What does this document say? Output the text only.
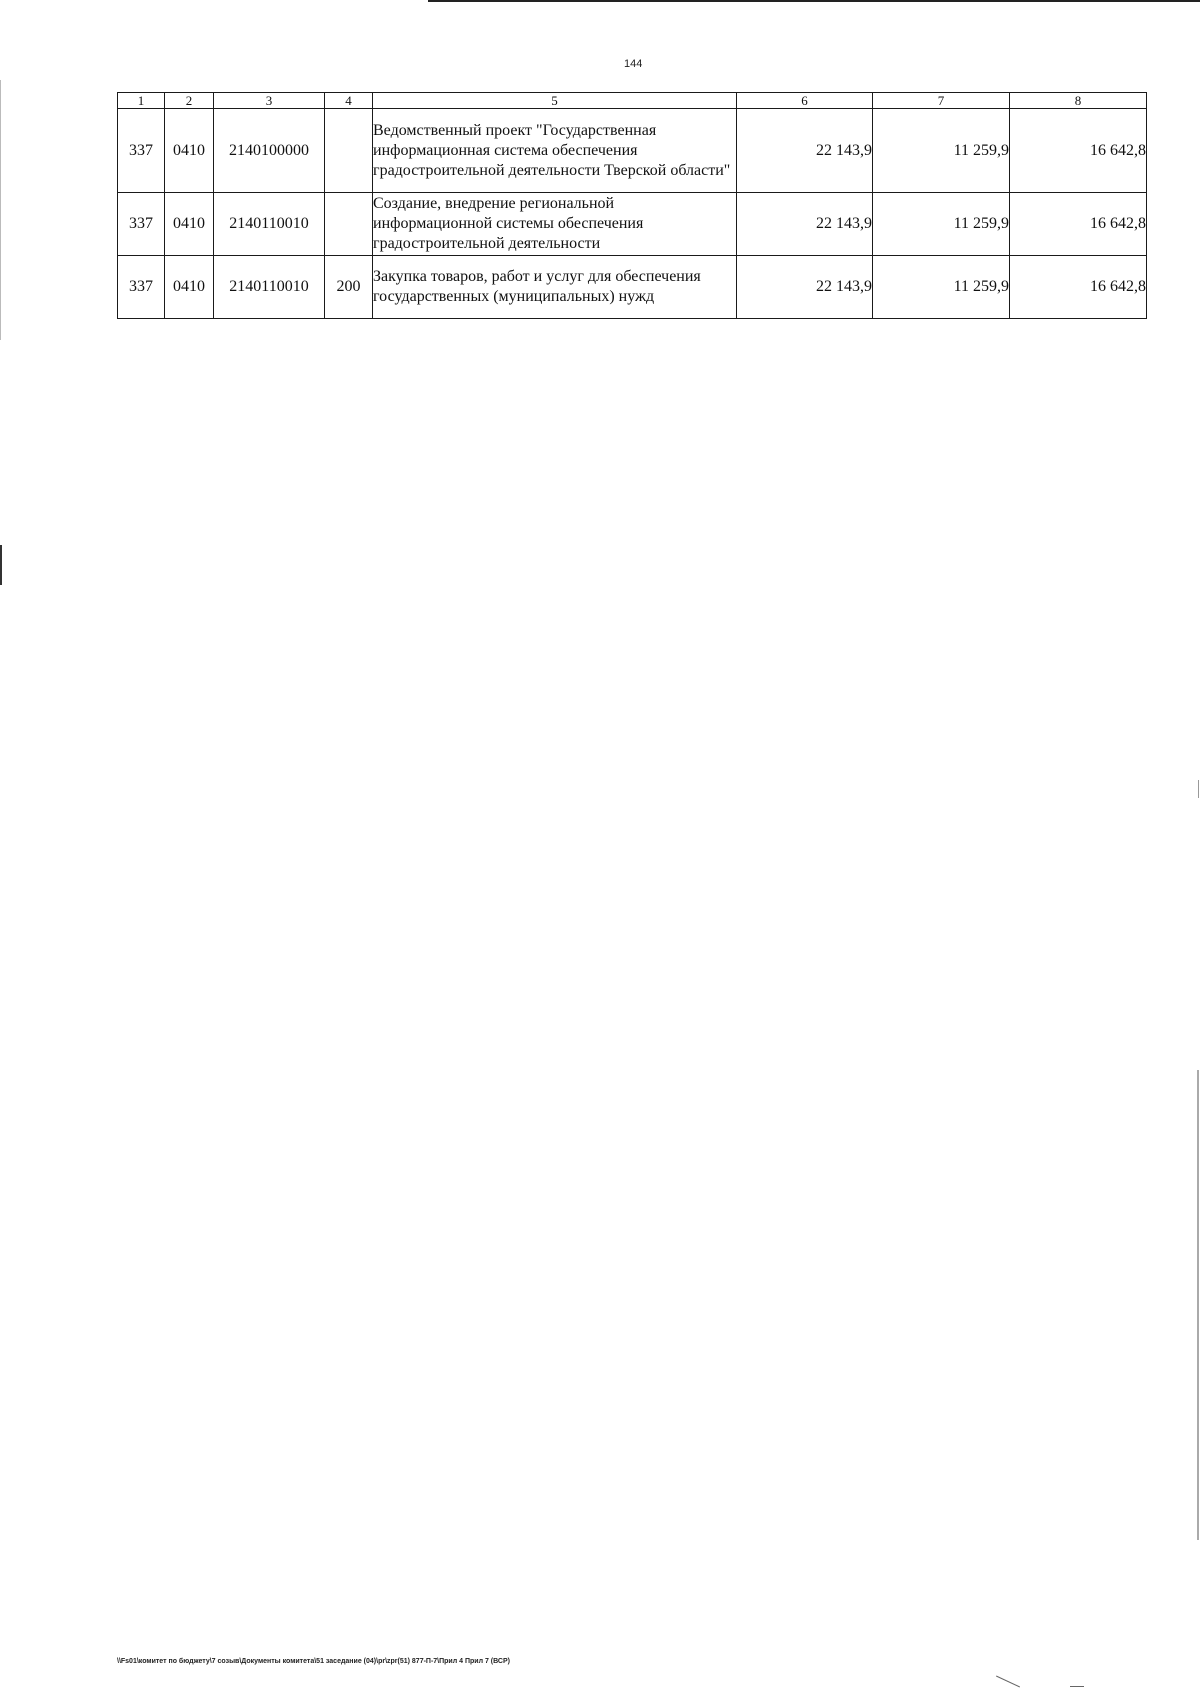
144
1	2	3	4	5	6	7	8
337	0410	2140100000		Ведомственный проект "Государственная информационная система обеспечения градостроительной деятельности Тверской области"	22 143,9	11 259,9	16 642,8
337	0410	2140110010		Создание, внедрение региональной информационной системы обеспечения градостроительной деятельности	22 143,9	11 259,9	16 642,8
337	0410	2140110010	200	Закупка товаров, работ и услуг для обеспечения государственных (муниципальных) нужд	22 143,9	11 259,9	16 642,8
\\Fs01\комитет по бюджету\7 созыв\Документы комитета\51 заседание (04)\pr\zpr(51) 877-П-7\Прил 4 Прил 7 (ВСР)
